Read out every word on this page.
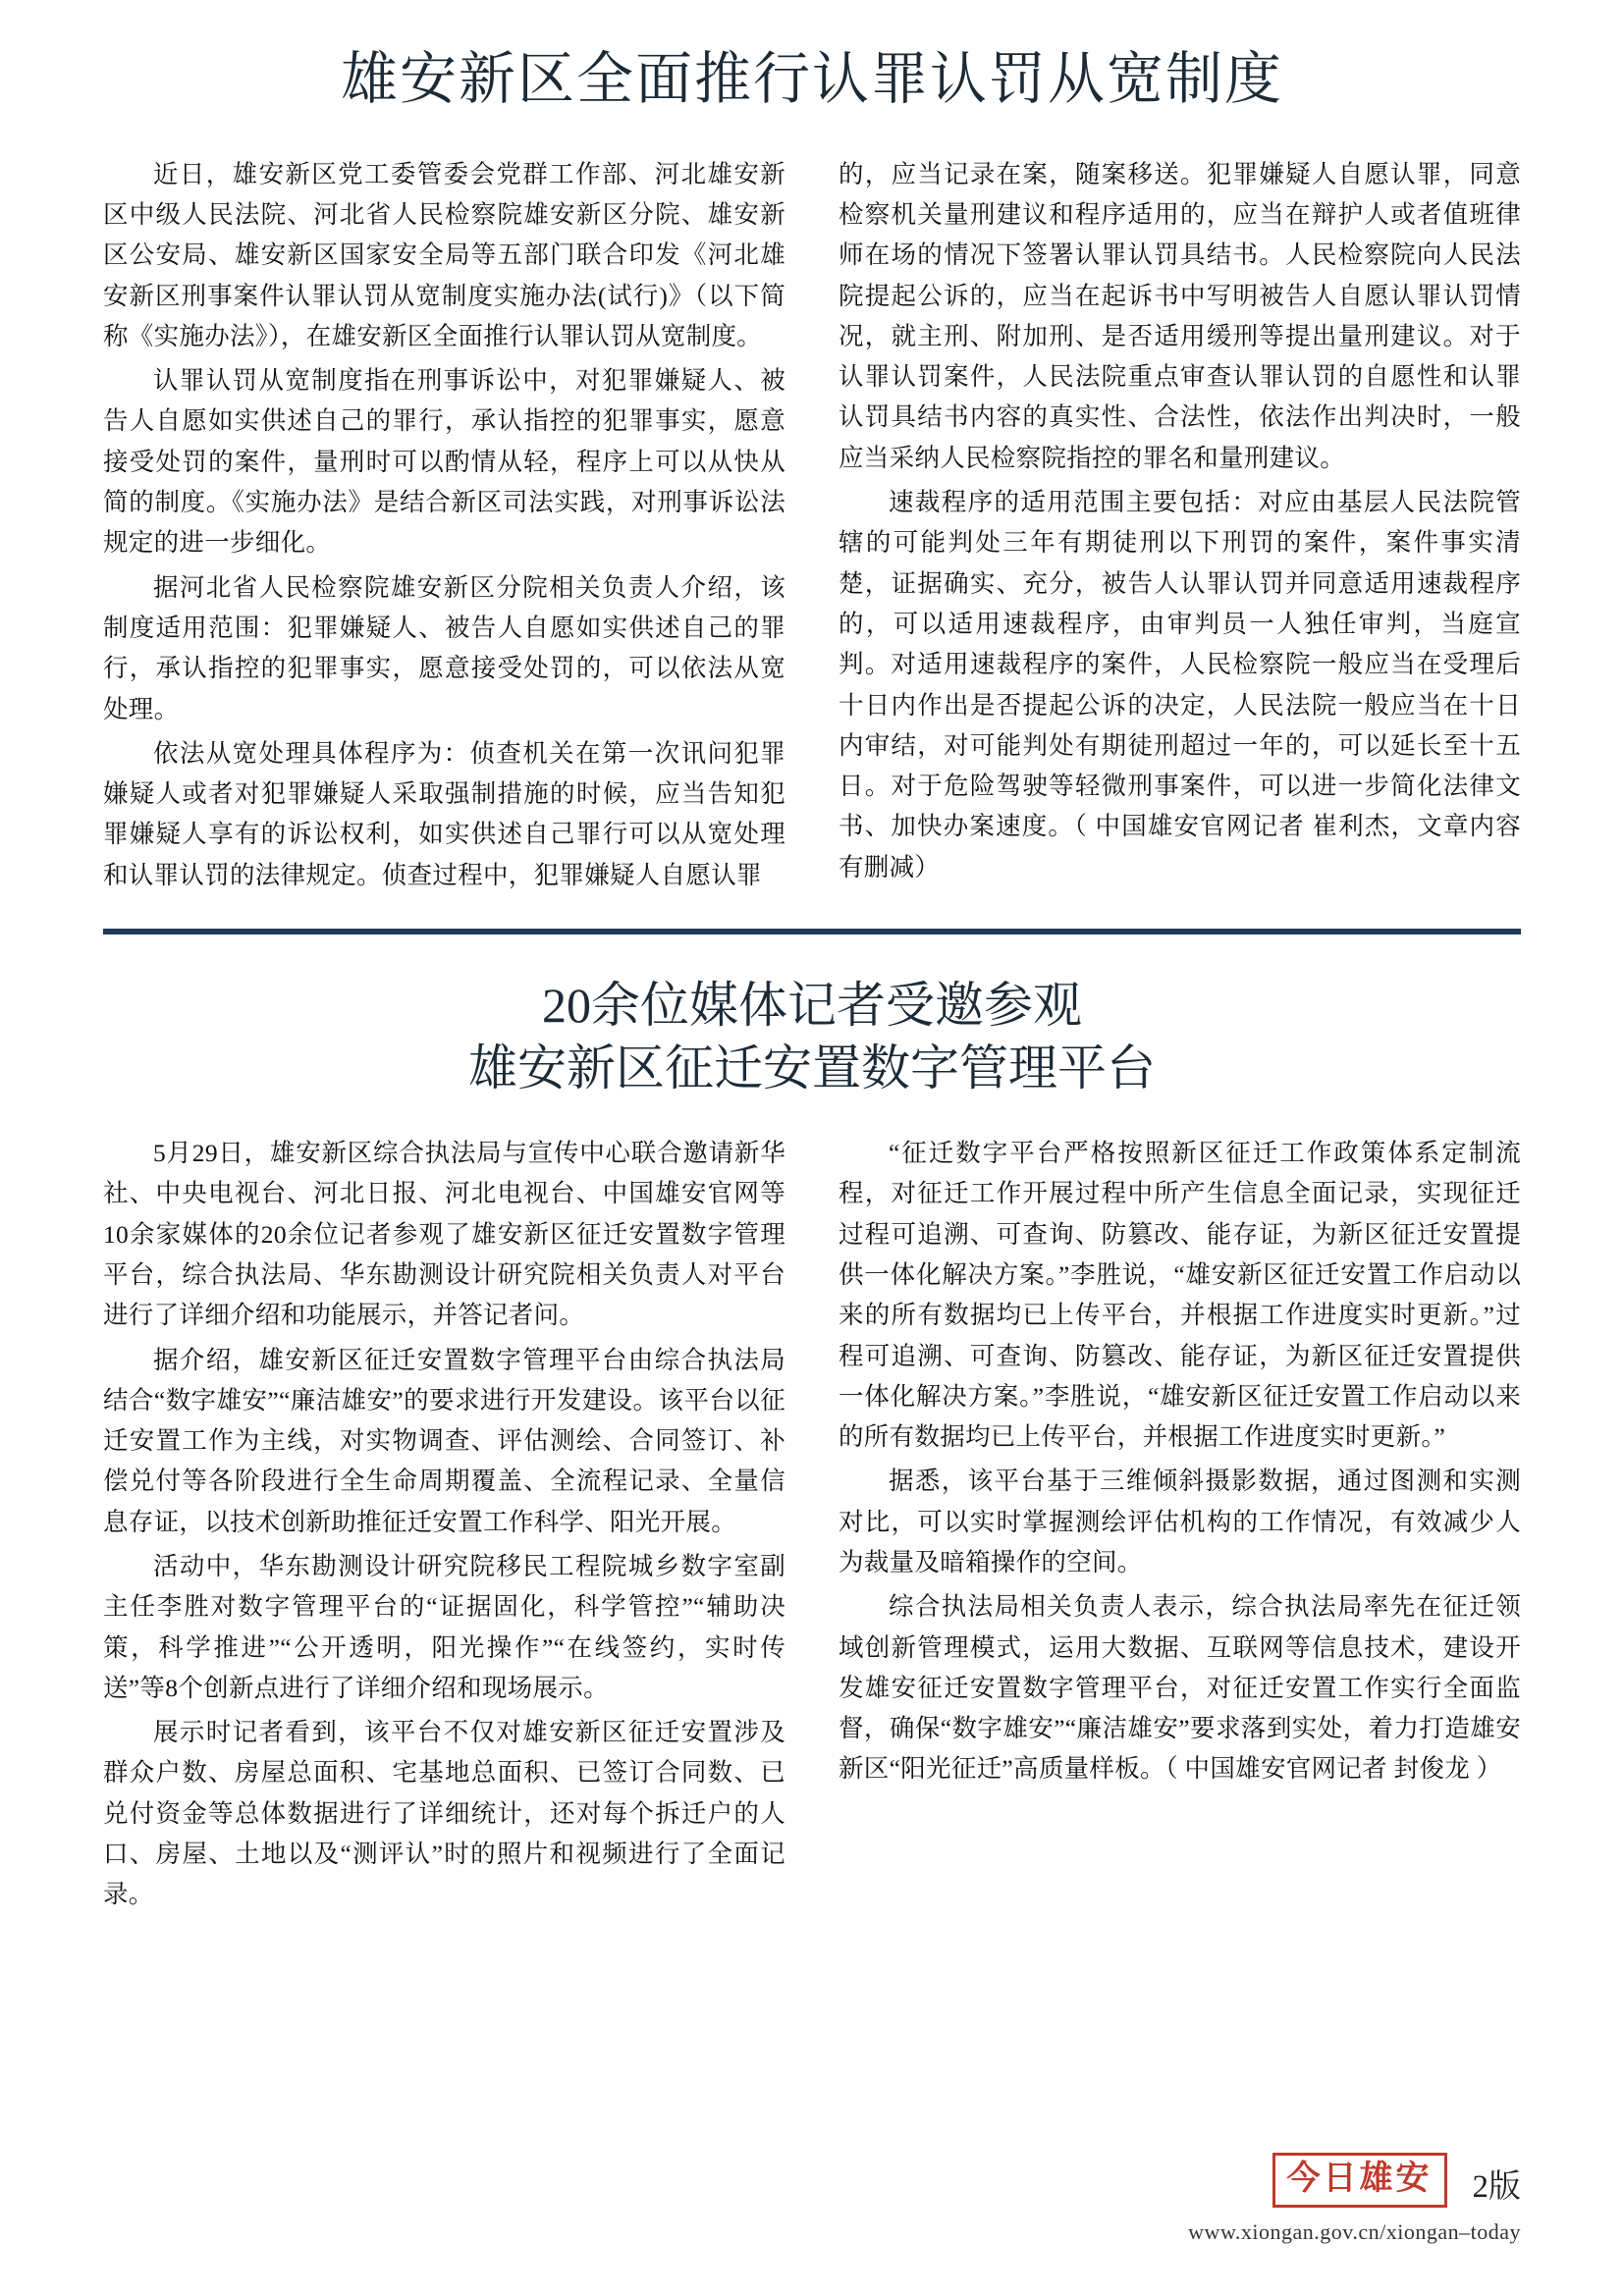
雄安新区全面推行认罪认罚从宽制度

近日，雄安新区党工委管委会党群工作部、河北雄安新区中级人民法院、河北省人民检察院雄安新区分院、雄安新区公安局、雄安新区国家安全局等五部门联合印发《河北雄安新区刑事案件认罪认罚从宽制度实施办法(试行)》（以下简称《实施办法》），在雄安新区全面推行认罪认罚从宽制度。

认罪认罚从宽制度指在刑事诉讼中，对犯罪嫌疑人、被告人自愿如实供述自己的罪行，承认指控的犯罪事实，愿意接受处罚的案件，量刑时可以酌情从轻，程序上可以从快从简的制度。《实施办法》是结合新区司法实践，对刑事诉讼法规定的进一步细化。

据河北省人民检察院雄安新区分院相关负责人介绍，该制度适用范围：犯罪嫌疑人、被告人自愿如实供述自己的罪行，承认指控的犯罪事实，愿意接受处罚的，可以依法从宽处理。

依法从宽处理具体程序为：侦查机关在第一次讯问犯罪嫌疑人或者对犯罪嫌疑人采取强制措施的时候，应当告知犯罪嫌疑人享有的诉讼权利，如实供述自己罪行可以从宽处理和认罪认罚的法律规定。侦查过程中，犯罪嫌疑人自愿认罪

的，应当记录在案，随案移送。犯罪嫌疑人自愿认罪，同意检察机关量刑建议和程序适用的，应当在辩护人或者值班律师在场的情况下签署认罪认罚具结书。人民检察院向人民法院提起公诉的，应当在起诉书中写明被告人自愿认罪认罚情况，就主刑、附加刑、是否适用缓刑等提出量刑建议。对于认罪认罚案件，人民法院重点审查认罪认罚的自愿性和认罪认罚具结书内容的真实性、合法性，依法作出判决时，一般应当采纳人民检察院指控的罪名和量刑建议。

速裁程序的适用范围主要包括：对应由基层人民法院管辖的可能判处三年有期徒刑以下刑罚的案件，案件事实清楚，证据确实、充分，被告人认罪认罚并同意适用速裁程序的，可以适用速裁程序，由审判员一人独任审判，当庭宣判。对适用速裁程序的案件，人民检察院一般应当在受理后十日内作出是否提起公诉的决定，人民法院一般应当在十日内审结，对可能判处有期徒刑超过一年的，可以延长至十五日。对于危险驾驶等轻微刑事案件，可以进一步简化法律文书、加快办案速度。（ 中国雄安官网记者 崔利杰，文章内容有删减）

20余位媒体记者受邀参观
雄安新区征迁安置数字管理平台

5月29日，雄安新区综合执法局与宣传中心联合邀请新华社、中央电视台、河北日报、河北电视台、中国雄安官网等10余家媒体的20余位记者参观了雄安新区征迁安置数字管理平台，综合执法局、华东勘测设计研究院相关负责人对平台进行了详细介绍和功能展示，并答记者问。

据介绍，雄安新区征迁安置数字管理平台由综合执法局结合“数字雄安”“廉洁雄安”的要求进行开发建设。该平台以征迁安置工作为主线，对实物调查、评估测绘、合同签订、补偿兑付等各阶段进行全生命周期覆盖、全流程记录、全量信息存证，以技术创新助推征迁安置工作科学、阳光开展。

活动中，华东勘测设计研究院移民工程院城乡数字室副主任李胜对数字管理平台的“证据固化，科学管控”“辅助决策，科学推进”“公开透明，阳光操作”“在线签约，实时传送”等8个创新点进行了详细介绍和现场展示。

展示时记者看到，该平台不仅对雄安新区征迁安置涉及群众户数、房屋总面积、宅基地总面积、已签订合同数、已兑付资金等总体数据进行了详细统计，还对每个拆迁户的人口、房屋、土地以及“测评认”时的照片和视频进行了全面记录。

“征迁数字平台严格按照新区征迁工作政策体系定制流程，对征迁工作开展过程中所产生信息全面记录，实现征迁过程可追溯、可查询、防篡改、能存证，为新区征迁安置提供一体化解决方案。”李胜说，“雄安新区征迁安置工作启动以来的所有数据均已上传平台，并根据工作进度实时更新。”过程可追溯、可查询、防篡改、能存证，为新区征迁安置提供一体化解决方案。”李胜说，“雄安新区征迁安置工作启动以来的所有数据均已上传平台，并根据工作进度实时更新。”

据悉，该平台基于三维倾斜摄影数据，通过图测和实测对比，可以实时掌握测绘评估机构的工作情况，有效减少人为裁量及暗箱操作的空间。

综合执法局相关负责人表示，综合执法局率先在征迁领域创新管理模式，运用大数据、互联网等信息技术，建设开发雄安征迁安置数字管理平台，对征迁安置工作实行全面监督，确保“数字雄安”“廉洁雄安”要求落到实处，着力打造雄安新区“阳光征迁”高质量样板。（ 中国雄安官网记者 封俊龙 ）

今日雄安	2版
www.xiongan.gov.cn/xiongan–today
